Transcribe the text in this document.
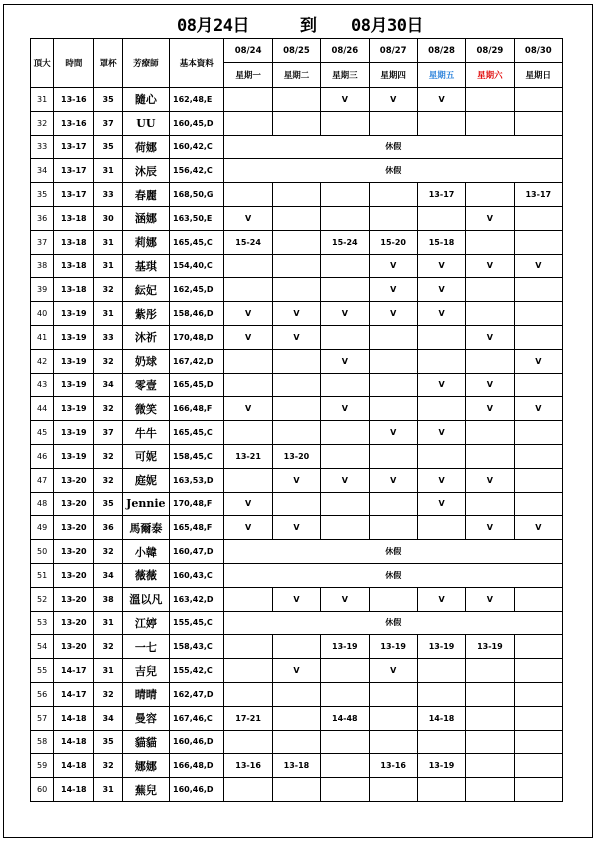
08月24日	到 08月30日
頂大	時間	罩杯	芳療師	基本資料	08/24	08/25	08/26	08/27	08/28	08/29	08/30
					星期一	星期二	星期三	星期四	星期五	星期六	星期日
31	13-16	35	隨心	162,48,E			V	V	V		
32	13-16	37	UU	160,45,D							
33	13-17	35	荷娜	160,42,C	休假						
34	13-17	31	沐辰	156,42,C	休假						
35	13-17	33	春麗	168,50,G					13-17		13-17
36	13-18	30	涵娜	163,50,E	V					V	
37	13-18	31	莉娜	165,45,C	15-24		15-24	15-20	15-18		
38	13-18	31	基琪	154,40,C				V	V	V	V
39	13-18	32	紜妃	162,45,D				V	V		
40	13-19	31	紫彤	158,46,D	V	V	V	V	V		
41	13-19	33	沐祈	170,48,D	V	V				V	
42	13-19	32	奶球	167,42,D			V				V
43	13-19	34	零壹	165,45,D					V	V	
44	13-19	32	微笑	166,48,F	V		V			V	V
45	13-19	37	牛牛	165,45,C				V	V		
46	13-19	32	可妮	158,45,C	13-21	13-20					
47	13-20	32	庭妮	163,53,D		V	V	V	V	V	
48	13-20	35	Jennie	170,48,F	V				V		
49	13-20	36	馬爾泰	165,48,F	V	V				V	V
50	13-20	32	小韓	160,47,D	休假						
51	13-20	34	薇薇	160,43,C	休假						
52	13-20	38	溫以凡	163,42,D		V	V		V	V	
53	13-20	31	江婷	155,45,C	休假						
54	13-20	32	一七	158,43,C			13-19	13-19	13-19	13-19	
55	14-17	31	吉兒	155,42,C		V		V			
56	14-17	32	晴晴	162,47,D							
57	14-18	34	曼容	167,46,C	17-21		14-48		14-18		
58	14-18	35	貓貓	160,46,D							
59	14-18	32	娜娜	166,48,D	13-16	13-18		13-16	13-19		
60	14-18	31	蕪兒	160,46,D							
